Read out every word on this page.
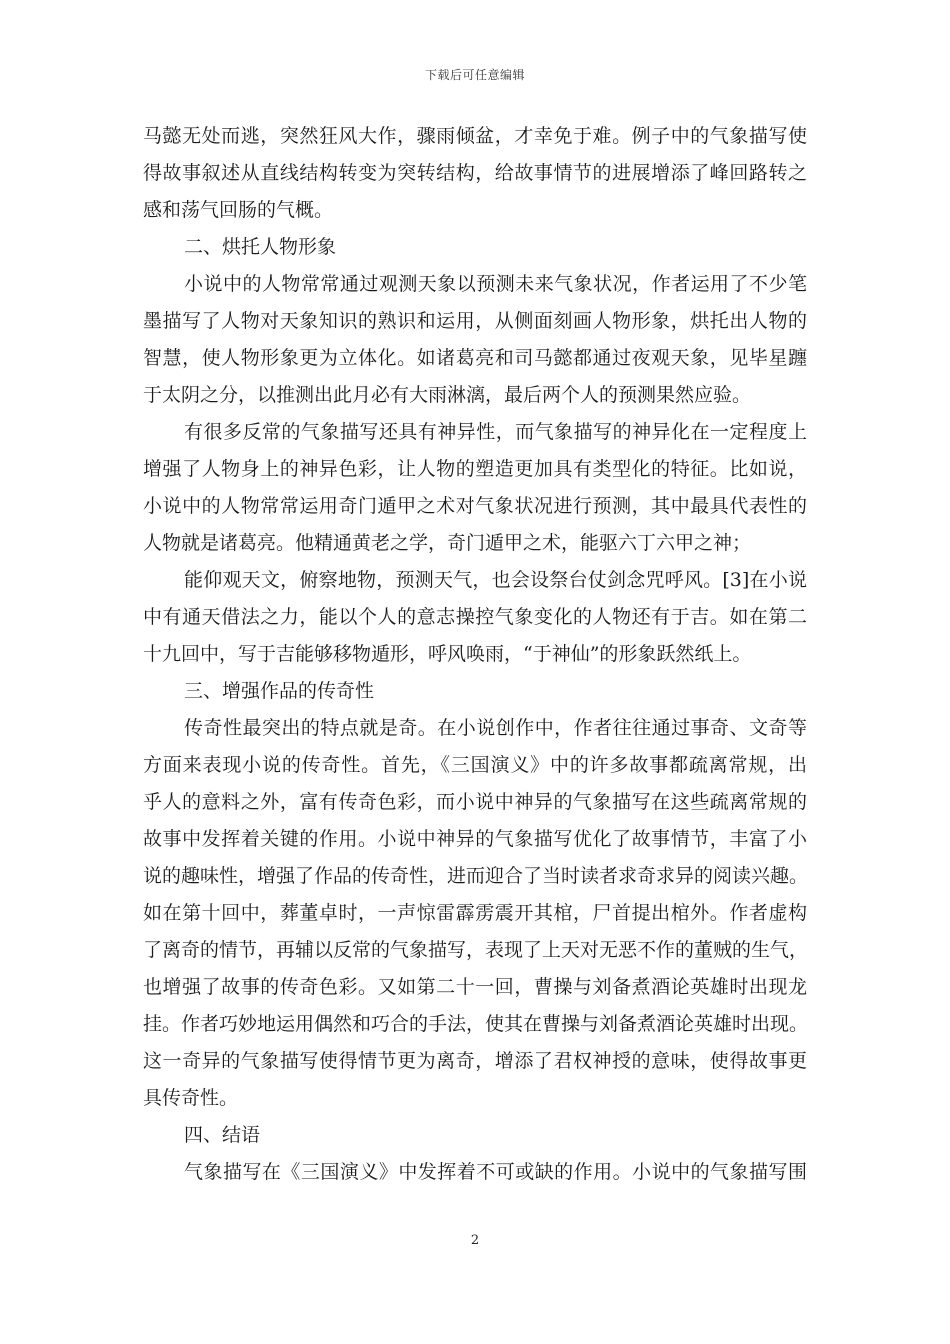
下载后可任意编辑
马懿无处而逃，突然狂风大作，骤雨倾盆，才幸免于难。例子中的气象描写使
得故事叙述从直线结构转变为突转结构，给故事情节的进展增添了峰回路转之
感和荡气回肠的气概。
二、烘托人物形象
小说中的人物常常通过观测天象以预测未来气象状况，作者运用了不少笔
墨描写了人物对天象知识的熟识和运用，从侧面刻画人物形象，烘托出人物的
智慧，使人物形象更为立体化。如诸葛亮和司马懿都通过夜观天象，见毕星躔
于太阴之分，以推测出此月必有大雨淋漓，最后两个人的预测果然应验。
有很多反常的气象描写还具有神异性，而气象描写的神异化在一定程度上
增强了人物身上的神异色彩，让人物的塑造更加具有类型化的特征。比如说，
小说中的人物常常运用奇门遁甲之术对气象状况进行预测，其中最具代表性的
人物就是诸葛亮。他精通黄老之学，奇门遁甲之术，能驱六丁六甲之神；
能仰观天文，俯察地物，预测天气，也会设祭台仗剑念咒呼风。[3]在小说
中有通天借法之力，能以个人的意志操控气象变化的人物还有于吉。如在第二
十九回中，写于吉能够移物遁形，呼风唤雨，“于神仙”的形象跃然纸上。
三、增强作品的传奇性
传奇性最突出的特点就是奇。在小说创作中，作者往往通过事奇、文奇等
方面来表现小说的传奇性。首先，《三国演义》中的许多故事都疏离常规，出
乎人的意料之外，富有传奇色彩，而小说中神异的气象描写在这些疏离常规的
故事中发挥着关键的作用。小说中神异的气象描写优化了故事情节，丰富了小
说的趣味性，增强了作品的传奇性，进而迎合了当时读者求奇求异的阅读兴趣。
如在第十回中，葬董卓时，一声惊雷霹雳震开其棺，尸首提出棺外。作者虚构
了离奇的情节，再辅以反常的气象描写，表现了上天对无恶不作的董贼的生气，
也增强了故事的传奇色彩。又如第二十一回，曹操与刘备煮酒论英雄时出现龙
挂。作者巧妙地运用偶然和巧合的手法，使其在曹操与刘备煮酒论英雄时出现。
这一奇异的气象描写使得情节更为离奇，增添了君权神授的意味，使得故事更
具传奇性。
四、结语
气象描写在《三国演义》中发挥着不可或缺的作用。小说中的气象描写围
2
